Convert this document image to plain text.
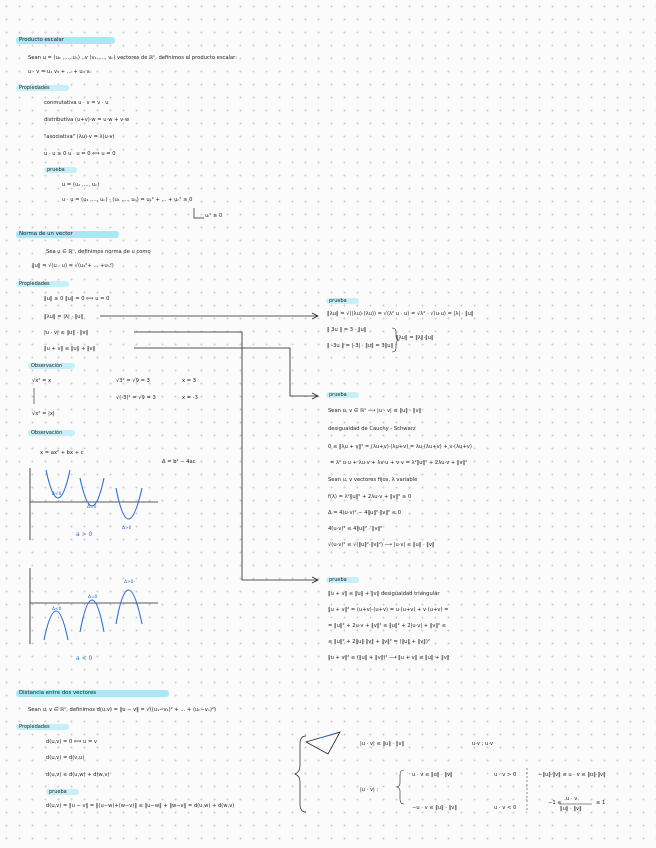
Producto escalar
Sean u = (u₁ ,..., uₙ) , v (v₁ ,..., vₙ) vectores de ℝⁿ, definimos el producto escalar:
u · v = u₁ v₁ + ... + uₙ vₙ
Propiedades
conmutativa u · v = v · u
distributiva (u+v)·w = u·w + v·w
"asociativa" (λu)·v = λ(u·v)
u · u ≥ 0 u · u = 0 ⟺ u = 0
prueba
u = (u₁ ,..., uₙ)
u · u = (u₁ ,..., uₙ) · (u₁ ,..., uₙ) = u₁² + ... + uₙ² ≥ 0
uᵢ² ≥ 0
Norma de un vector
Sea u ∈ ℝⁿ, definimos norma de u como
‖u‖ = √(u · u) = √(u₁²+ ... +uₙ²)
Propiedades
‖u‖ ≥ 0 ‖u‖ = 0 ⟺ u = 0
‖λu‖ = |λ| · ‖u‖
|u · v| ≤ ‖u‖ · ‖v‖
‖u + v‖ ≤ ‖u‖ + ‖v‖
Observación
√x² = x	√3² = √9 = 3	x = 3
√(-3)² = √9 = 3	x = -3
√x² = |x|
Observación
x = ax² + bx + c
Δ = b² − 4ac
prueba
‖λu‖ = √((λu)·(λu)) = √(λ² u · u) = √λ² · √(u·u) = |λ| · ‖u‖
‖ 3u ‖ = 3 · ‖u‖
‖ -3u ‖ = |-3| · ‖u‖ = 3‖u‖
‖λu‖ = ‖λ‖·‖u‖
prueba
Sean u, v ∈ ℝⁿ ⟶ |u · v| ≤ ‖u‖ · ‖v‖
desigualdad de Cauchy - Schwarz
0 ≤ ‖λu + v‖² = (λu+v)·(λu+v) = λu·(λu+v) + v·(λu+v)
= λ² u·u + λu·v + λv·u + v·v = λ²‖u‖² + 2λu·v + ‖v‖²
Sean u, v vectores fijos, λ variable
f(λ) = λ²‖u‖² + 2λu·v + ‖v‖² ≥ 0
Δ = 4(u·v)² − 4‖u‖²·‖v‖² ≤ 0
4(u·v)² ≤ 4‖u‖² · ‖v‖²
√(u·v)² ≤ √(‖u‖²·‖v‖²) ⟶ |u·v| ≤ ‖u‖ · ‖v‖
prueba
‖u + v‖ ≤ ‖u‖ + ‖v‖ desigualdad triangular
‖u + v‖² = (u+v)·(u+v) = u·(u+v) + v·(u+v) =
= ‖u‖² + 2u·v + ‖v‖² ≤ ‖u‖² + 2|u·v| + ‖v‖² ≤
≤ ‖u‖² + 2‖u‖·‖v‖ + ‖v‖² = (‖u‖ + ‖v‖)²
‖u + v‖² ≤ (‖u‖ + ‖v‖)² ⟶ ‖u + v‖ ≤ ‖u‖ + ‖v‖
Distancia entre dos vectores
Sean u, v ∈ ℝⁿ, definimos d(u,v) = ‖u − v‖ = √((u₁−v₁)² + ... + (uₙ−vₙ)²)
Propiedades
d(u,v) = 0 ⟺ u = v
d(u,v) = d(v,u)
d(u,v) ≤ d(u,w) + d(w,v)
prueba
d(u,v) = ‖u − v‖ = ‖(u−w)+(w−v)‖ ≤ ‖u−w‖ + ‖w−v‖ = d(u,w) + d(w,v)
|u · v| ≤ ‖u‖ · ‖v‖	u·v ; u·v
|u · v| :
u · v ≤ ‖u‖ · ‖v‖	u · v > 0	−‖u‖·‖v‖ ≤ u · v ≤ ‖u‖·‖v‖
−u · v ≤ ‖u‖ · ‖v‖	u · v < 0
−1 ≤
u · v
‖u‖ · ‖v‖
≤ 1
Δ<0
Δ=0
Δ>0
a > 0
Δ<0
Δ=0
Δ>0
a < 0
